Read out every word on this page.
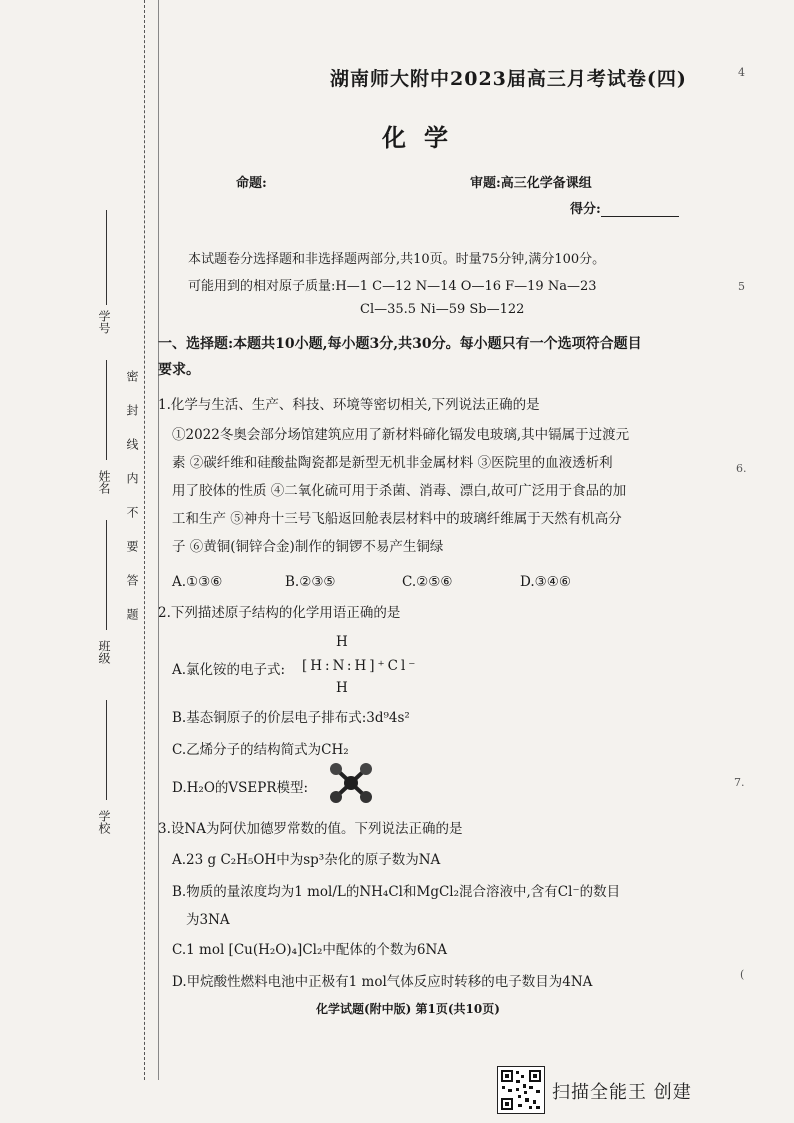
学号
姓名
班级
学校
密封线内不要答题
湖南师大附中2023届高三月考试卷(四)
化学
命题:	审题:高三化学备课组
得分:
本试题卷分选择题和非选择题两部分,共10页。时量75分钟,满分100分。
可能用到的相对原子质量:H—1 C—12 N—14 O—16 F—19 Na—23
Cl—35.5 Ni—59 Sb—122
一、选择题:本题共10小题,每小题3分,共30分。每小题只有一个选项符合题目
要求。
1.化学与生活、生产、科技、环境等密切相关,下列说法正确的是
①2022冬奥会部分场馆建筑应用了新材料碲化镉发电玻璃,其中镉属于过渡元
素 ②碳纤维和硅酸盐陶瓷都是新型无机非金属材料 ③医院里的血液透析利
用了胶体的性质 ④二氧化硫可用于杀菌、消毒、漂白,故可广泛用于食品的加
工和生产 ⑤神舟十三号飞船返回舱表层材料中的玻璃纤维属于天然有机高分
子 ⑥黄铜(铜锌合金)制作的铜锣不易产生铜绿
A.①③⑥	B.②③⑤	C.②⑤⑥	D.③④⑥
2.下列描述原子结构的化学用语正确的是
A.氯化铵的电子式:
H
[H:N:H]⁺Cl⁻
H
B.基态铜原子的价层电子排布式:3d⁹4s²
C.乙烯分子的结构简式为CH₂
D.H₂O的VSEPR模型:
3.设NA为阿伏加德罗常数的值。下列说法正确的是
A.23 g C₂H₅OH中为sp³杂化的原子数为NA
B.物质的量浓度均为1 mol/L的NH₄Cl和MgCl₂混合溶液中,含有Cl⁻的数目
为3NA
C.1 mol [Cu(H₂O)₄]Cl₂中配体的个数为6NA
D.甲烷酸性燃料电池中正极有1 mol气体反应时转移的电子数目为4NA
化学试题(附中版) 第1页(共10页)
4
5
6.
7.
(
扫描全能王 创建
